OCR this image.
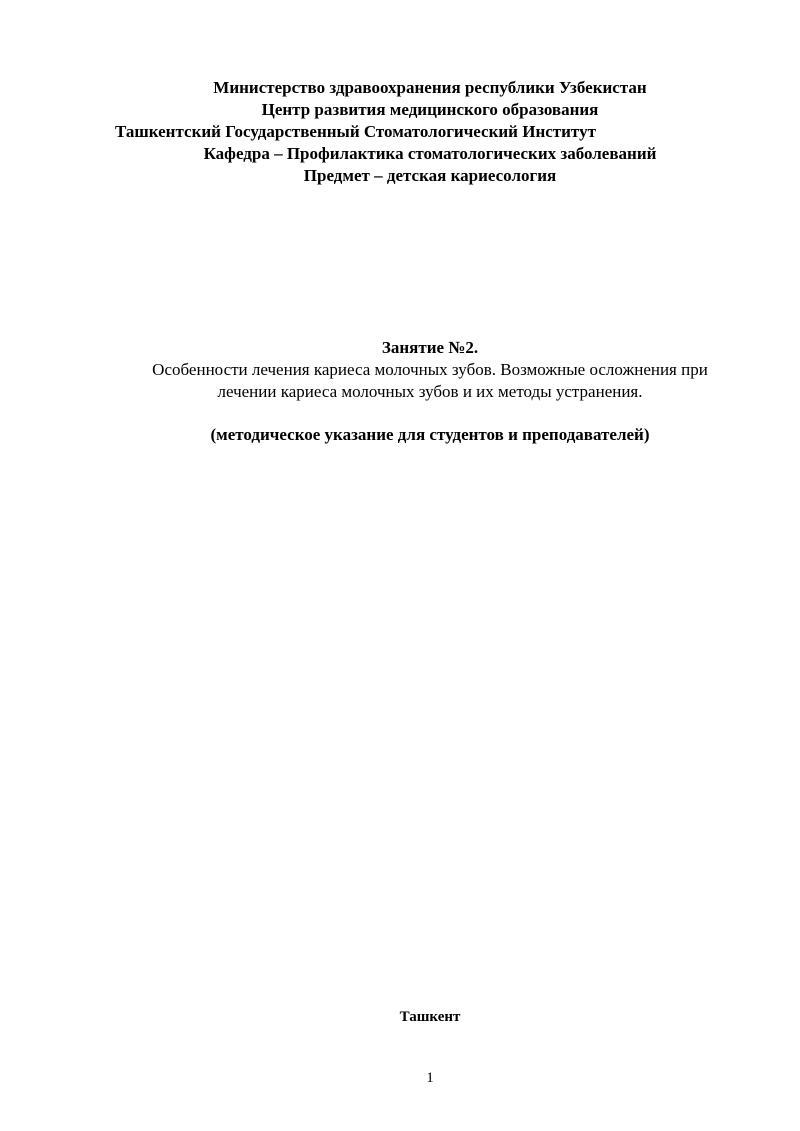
Министерство здравоохранения республики Узбекистан
Центр развития медицинского образования
Ташкентский Государственный Стоматологический Институт
Кафедра – Профилактика стоматологических заболеваний
Предмет – детская кариесология
Занятие №2.
Особенности лечения кариеса молочных зубов. Возможные осложнения при
лечении кариеса молочных зубов и их методы устранения.
(методическое указание для студентов и преподавателей)
Ташкент
1
